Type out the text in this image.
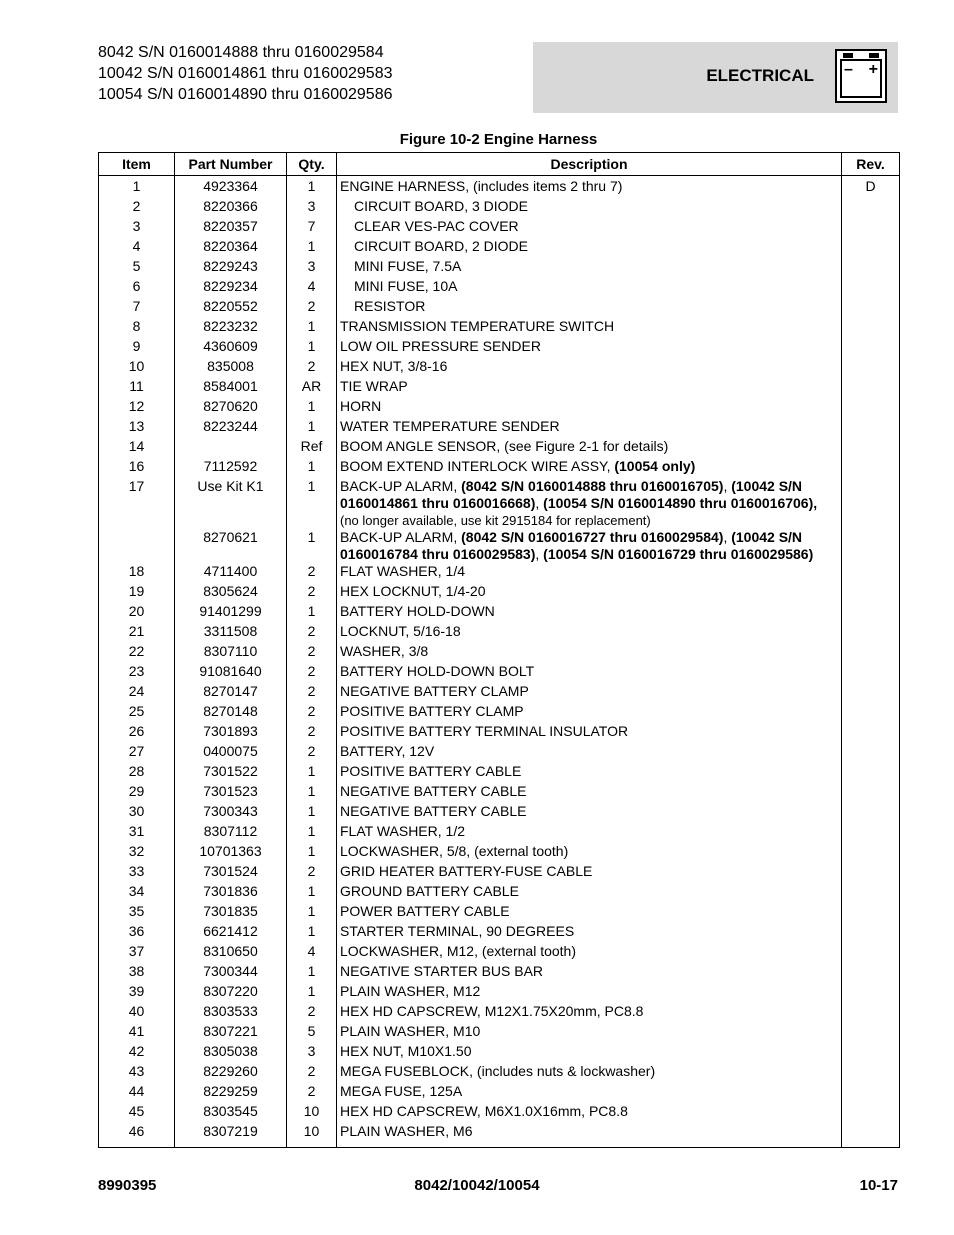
8042 S/N 0160014888 thru 0160029584
10042 S/N 0160014861 thru 0160029583
10054 S/N 0160014890 thru 0160029586
ELECTRICAL – +
Figure 10-2 Engine Harness
Item	Part Number	Qty.	Description	Rev.
1	4923364	1	ENGINE HARNESS, (includes items 2 thru 7)	D
2	8220366	3	CIRCUIT BOARD, 3 DIODE	
3	8220357	7	CLEAR VES-PAC COVER	
4	8220364	1	CIRCUIT BOARD, 2 DIODE	
5	8229243	3	MINI FUSE, 7.5A	
6	8229234	4	MINI FUSE, 10A	
7	8220552	2	RESISTOR	
8	8223232	1	TRANSMISSION TEMPERATURE SWITCH	
9	4360609	1	LOW OIL PRESSURE SENDER	
10	835008	2	HEX NUT, 3/8-16	
11	8584001	AR	TIE WRAP	
12	8270620	1	HORN	
13	8223244	1	WATER TEMPERATURE SENDER	
14		Ref	BOOM ANGLE SENSOR, (see Figure 2-1 for details)	
16	7112592	1	BOOM EXTEND INTERLOCK WIRE ASSY, (10054 only)	
17	Use Kit K1	1	BACK-UP ALARM, (8042 S/N 0160014888 thru 0160016705), (10042 S/N 0160014861 thru 0160016668), (10054 S/N 0160014890 thru 0160016706), (no longer available, use kit 2915184 for replacement)	
	8270621	1	BACK-UP ALARM, (8042 S/N 0160016727 thru 0160029584), (10042 S/N 0160016784 thru 0160029583), (10054 S/N 0160016729 thru 0160029586)	
18	4711400	2	FLAT WASHER, 1/4	
19	8305624	2	HEX LOCKNUT, 1/4-20	
20	91401299	1	BATTERY HOLD-DOWN	
21	3311508	2	LOCKNUT, 5/16-18	
22	8307110	2	WASHER, 3/8	
23	91081640	2	BATTERY HOLD-DOWN BOLT	
24	8270147	2	NEGATIVE BATTERY CLAMP	
25	8270148	2	POSITIVE BATTERY CLAMP	
26	7301893	2	POSITIVE BATTERY TERMINAL INSULATOR	
27	0400075	2	BATTERY, 12V	
28	7301522	1	POSITIVE BATTERY CABLE	
29	7301523	1	NEGATIVE BATTERY CABLE	
30	7300343	1	NEGATIVE BATTERY CABLE	
31	8307112	1	FLAT WASHER, 1/2	
32	10701363	1	LOCKWASHER, 5/8, (external tooth)	
33	7301524	2	GRID HEATER BATTERY-FUSE CABLE	
34	7301836	1	GROUND BATTERY CABLE	
35	7301835	1	POWER BATTERY CABLE	
36	6621412	1	STARTER TERMINAL, 90 DEGREES	
37	8310650	4	LOCKWASHER, M12, (external tooth)	
38	7300344	1	NEGATIVE STARTER BUS BAR	
39	8307220	1	PLAIN WASHER, M12	
40	8303533	2	HEX HD CAPSCREW, M12X1.75X20mm, PC8.8	
41	8307221	5	PLAIN WASHER, M10	
42	8305038	3	HEX NUT, M10X1.50	
43	8229260	2	MEGA FUSEBLOCK, (includes nuts & lockwasher)	
44	8229259	2	MEGA FUSE, 125A	
45	8303545	10	HEX HD CAPSCREW, M6X1.0X16mm, PC8.8	
46	8307219	10	PLAIN WASHER, M6	
8990395	8042/10042/10054	10-17
